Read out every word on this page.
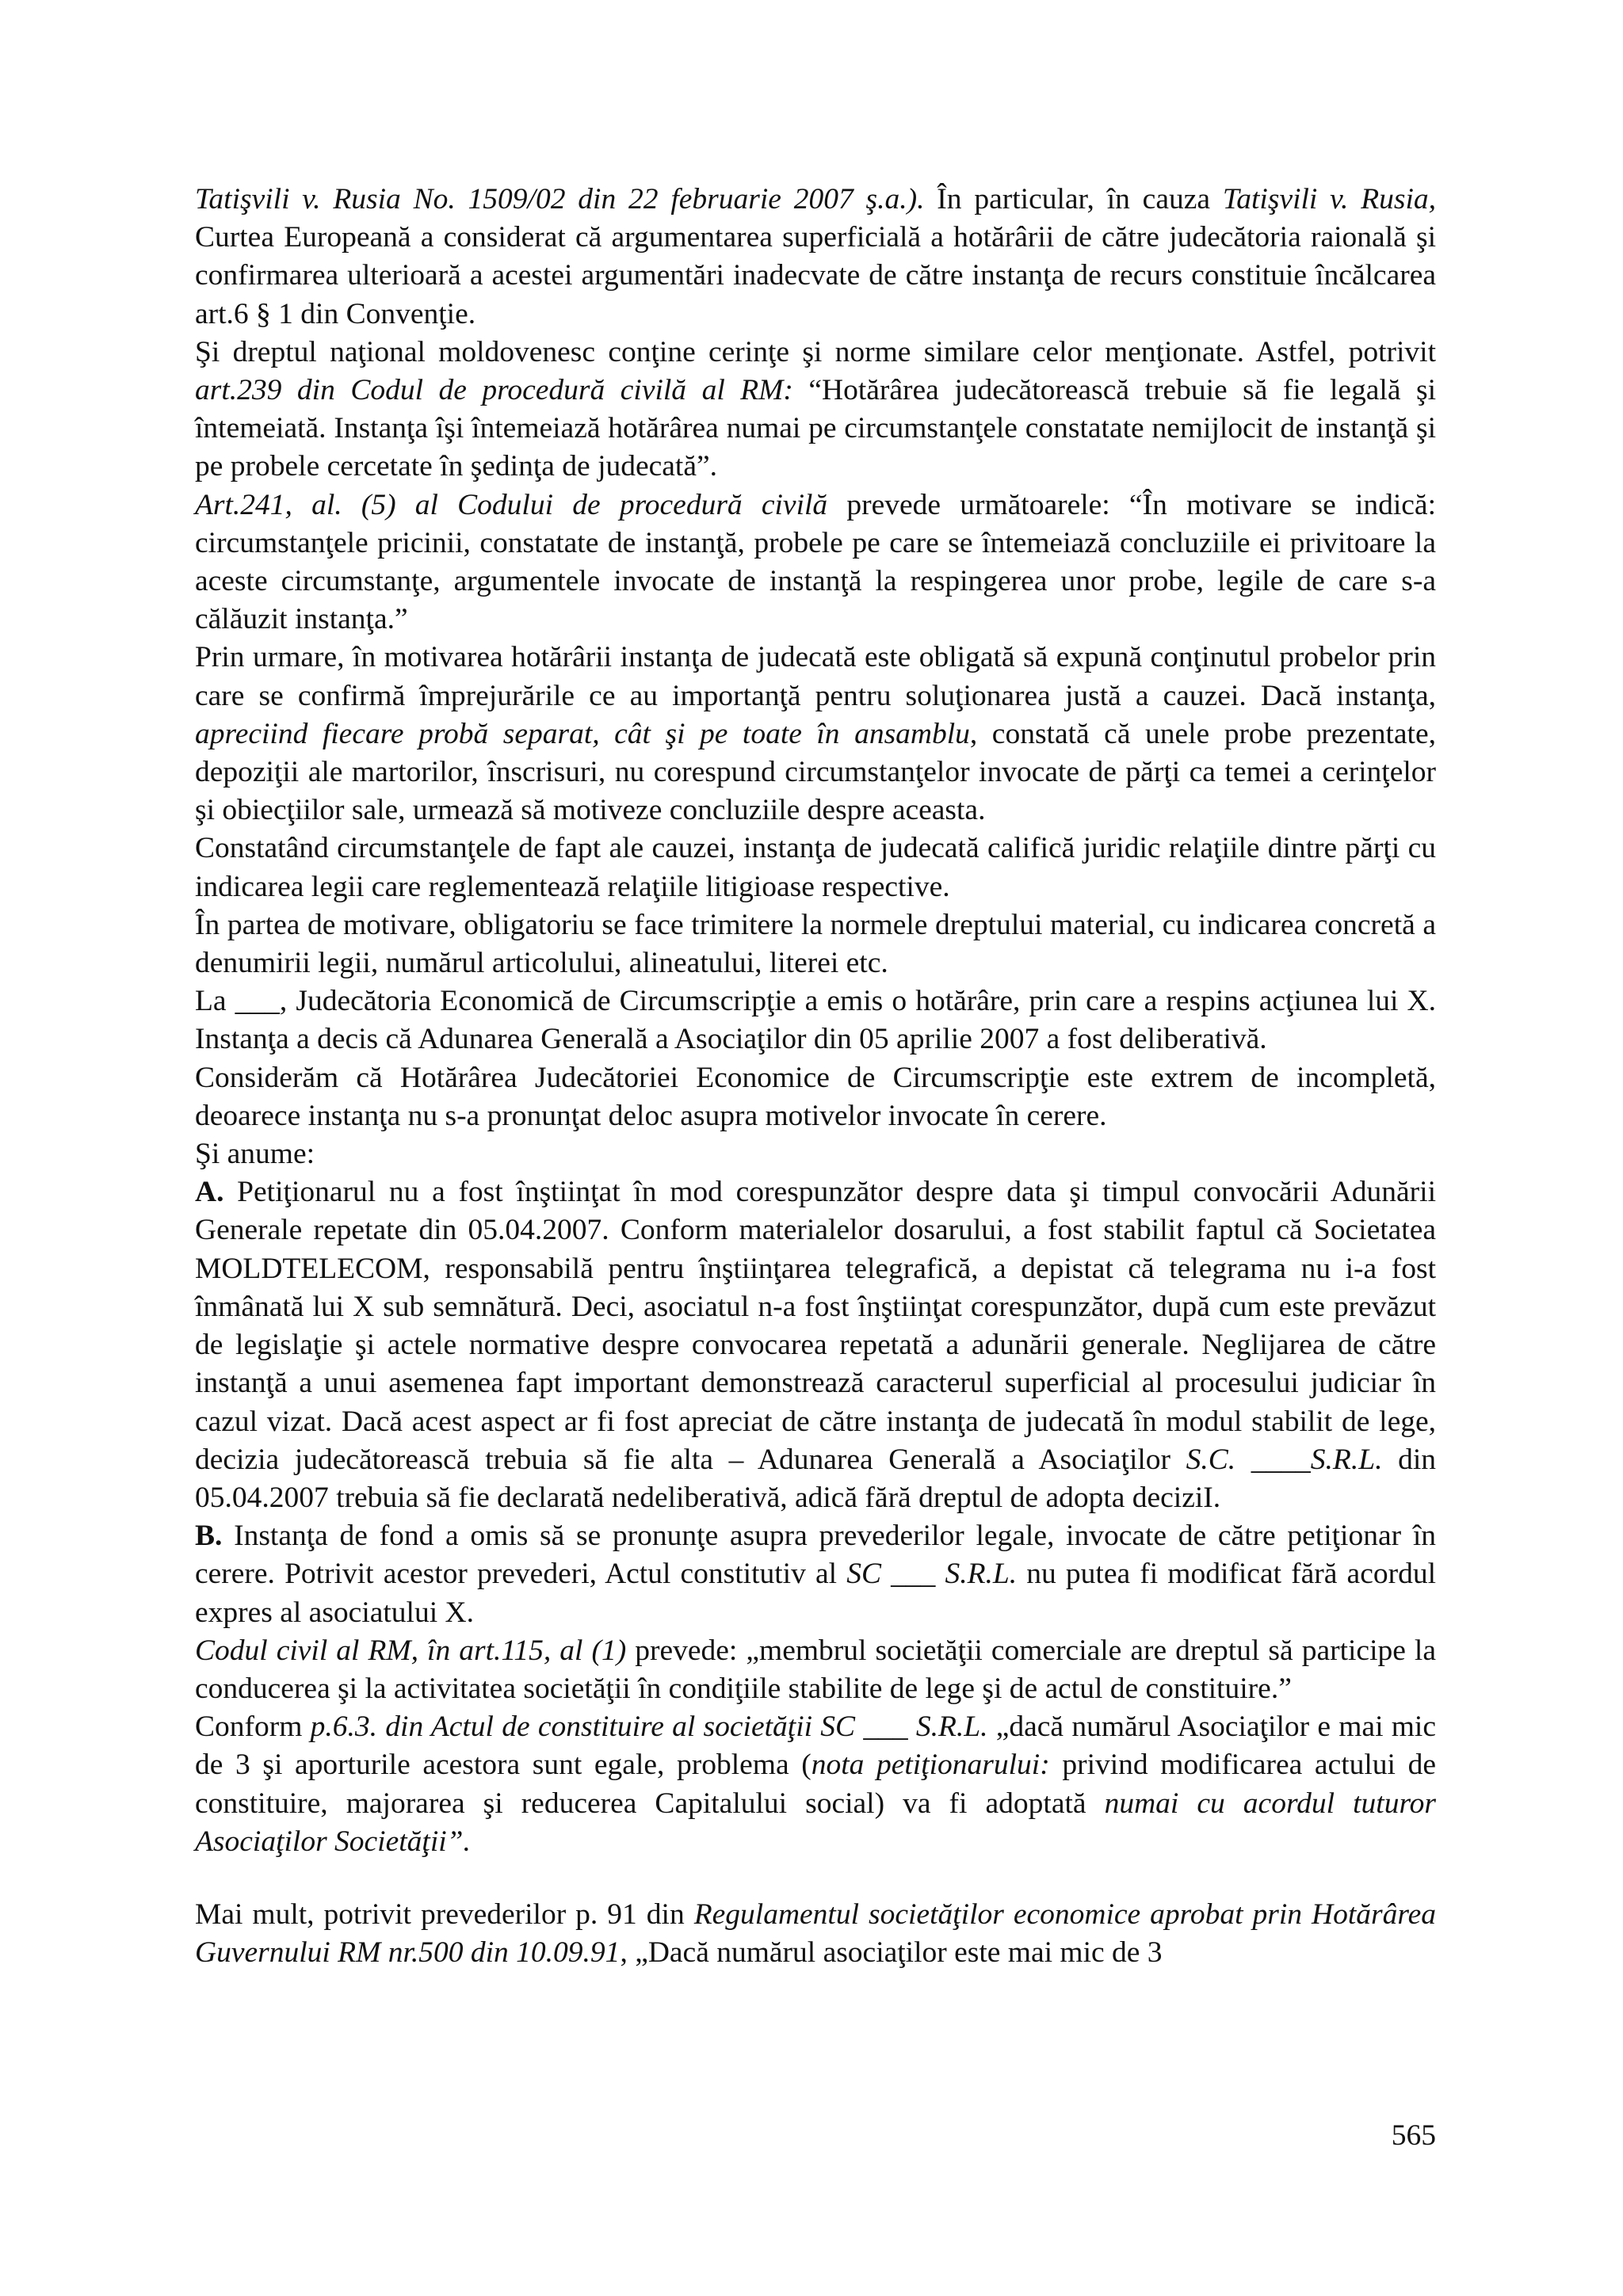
Tatişvili v. Rusia No. 1509/02 din 22 februarie 2007 ş.a.). În particular, în cauza Tatişvili v. Rusia, Curtea Europeană a considerat că argumentarea superficială a hotărârii de către judecătoria raională şi confirmarea ulterioară a acestei argumentări inadecvate de către instanţa de recurs constituie încălcarea art.6 § 1 din Convenţie.

Şi dreptul naţional moldovenesc conţine cerinţe şi norme similare celor menţionate. Astfel, potrivit art.239 din Codul de procedură civilă al RM: “Hotărârea judecătorească trebuie să fie legală şi întemeiată. Instanţa îşi întemeiază hotărârea numai pe circumstanţele constatate nemijlocit de instanţă şi pe probele cercetate în şedinţa de judecată”.

Art.241, al. (5) al Codului de procedură civilă prevede următoarele: “În motivare se indică: circumstanţele pricinii, constatate de instanţă, probele pe care se întemeiază concluziile ei privitoare la aceste circumstanţe, argumentele invocate de instanţă la respingerea unor probe, legile de care s-a călăuzit instanţa.”

Prin urmare, în motivarea hotărârii instanţa de judecată este obligată să expună conţinutul probelor prin care se confirmă împrejurările ce au importanţă pentru soluţionarea justă a cauzei. Dacă instanţa, apreciind fiecare probă separat, cât şi pe toate în ansamblu, constată că unele probe prezentate, depoziţii ale martorilor, înscrisuri, nu corespund circumstanţelor invocate de părţi ca temei a cerinţelor şi obiecţiilor sale, urmează să motiveze concluziile despre aceasta.

Constatând circumstanţele de fapt ale cauzei, instanţa de judecată califică juridic relaţiile dintre părţi cu indicarea legii care reglementează relaţiile litigioase respective.

În partea de motivare, obligatoriu se face trimitere la normele dreptului material, cu indicarea concretă a denumirii legii, numărul articolului, alineatului, literei etc.

La ___, Judecătoria Economică de Circumscripţie a emis o hotărâre, prin care a respins acţiunea lui X. Instanţa a decis că Adunarea Generală a Asociaţilor din 05 aprilie 2007 a fost deliberativă.

Considerăm că Hotărârea Judecătoriei Economice de Circumscripţie este extrem de incompletă, deoarece instanţa nu s-a pronunţat deloc asupra motivelor invocate în cerere.

Şi anume:

A. Petiţionarul nu a fost înştiinţat în mod corespunzător despre data şi timpul convocării Adunării Generale repetate din 05.04.2007. Conform materialelor dosarului, a fost stabilit faptul că Societatea MOLDTELECOM, responsabilă pentru înştiinţarea telegrafică, a depistat că telegrama nu i-a fost înmânată lui X sub semnătură. Deci, asociatul n-a fost înştiinţat corespunzător, după cum este prevăzut de legislaţie şi actele normative despre convocarea repetată a adunării generale. Neglijarea de către instanţă a unui asemenea fapt important demonstrează caracterul superficial al procesului judiciar în cazul vizat. Dacă acest aspect ar fi fost apreciat de către instanţa de judecată în modul stabilit de lege, decizia judecătorească trebuia să fie alta – Adunarea Generală a Asociaţilor S.C. ____S.R.L. din 05.04.2007 trebuia să fie declarată nedeliberativă, adică fără dreptul de adopta deciziI.

B. Instanţa de fond a omis să se pronunţe asupra prevederilor legale, invocate de către petiţionar în cerere. Potrivit acestor prevederi, Actul constitutiv al SC ___ S.R.L. nu putea fi modificat fără acordul expres al asociatului X.

Codul civil al RM, în art.115, al (1) prevede: „membrul societăţii comerciale are dreptul să participe la conducerea şi la activitatea societăţii în condiţiile stabilite de lege şi de actul de constituire.”

Conform p.6.3. din Actul de constituire al societăţii SC ___ S.R.L. „dacă numărul Asociaţilor e mai mic de 3 şi aporturile acestora sunt egale, problema (nota petiţionarului: privind modificarea actului de constituire, majorarea şi reducerea Capitalului social) va fi adoptată numai cu acordul tuturor Asociaţilor Societăţii”.

Mai mult, potrivit prevederilor p. 91 din Regulamentul societăţilor economice aprobat prin Hotărârea Guvernului RM nr.500 din 10.09.91, „Dacă numărul asociaţilor este mai mic de 3

565
